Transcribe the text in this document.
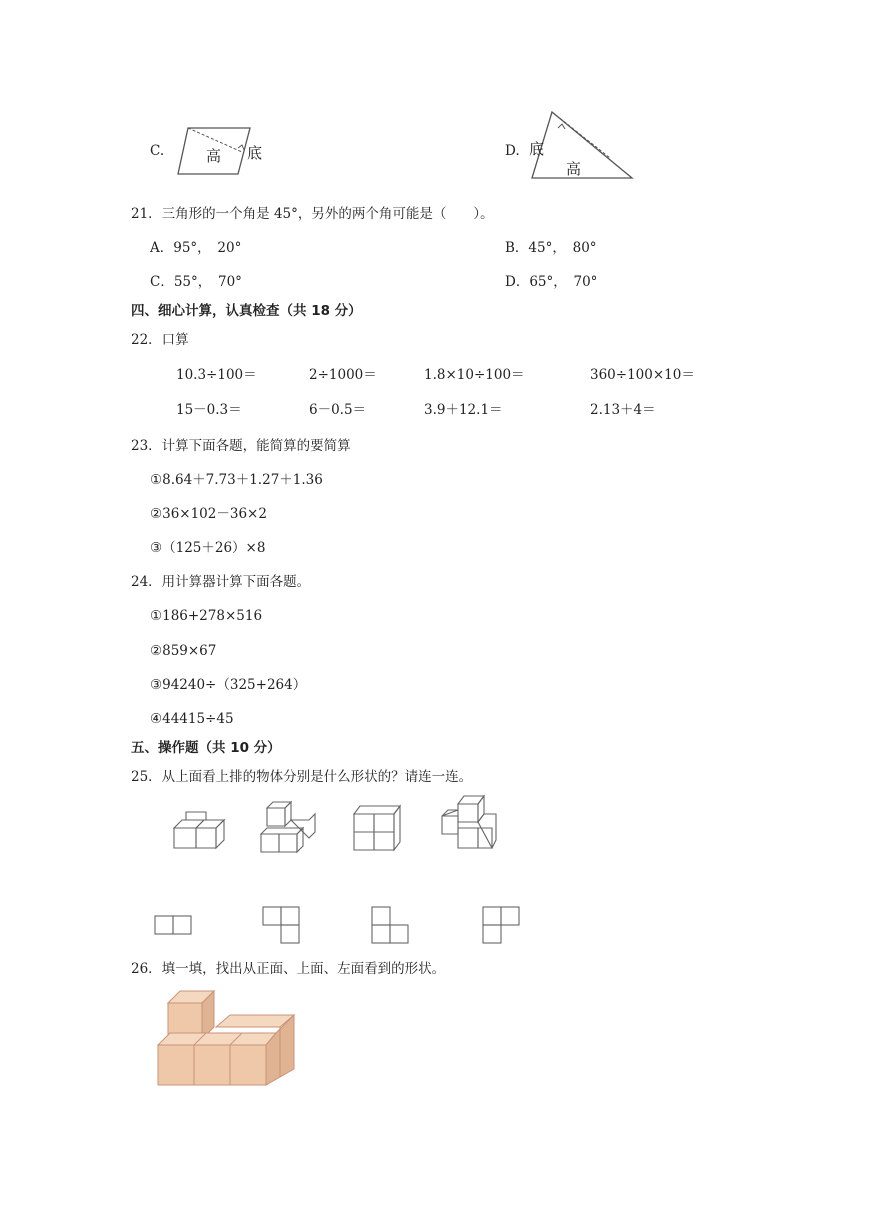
C.	高 底	D. 底
高
21．三角形的一个角是 45°，另外的两个角可能是（　　）。
A．95°，　20°	B．45°，　80°
C．55°，　70°	D．65°，　70°
四、细心计算，认真检查（共 18 分）
22．口算
10.3÷100＝	2÷1000＝	1.8×10÷100＝	360÷100×10＝
15－0.3＝	6－0.5＝	3.9＋12.1＝	2.13＋4＝
23．计算下面各题，能简算的要简算
①8.64＋7.73＋1.27＋1.36
②36×102－36×2
③（125＋26）×8
24．用计算器计算下面各题。
①186+278×516
②859×67
③94240÷（325+264）
④44415÷45
五、操作题（共 10 分）
25．从上面看上排的物体分别是什么形状的？请连一连。
26．填一填，找出从正面、上面、左面看到的形状。
